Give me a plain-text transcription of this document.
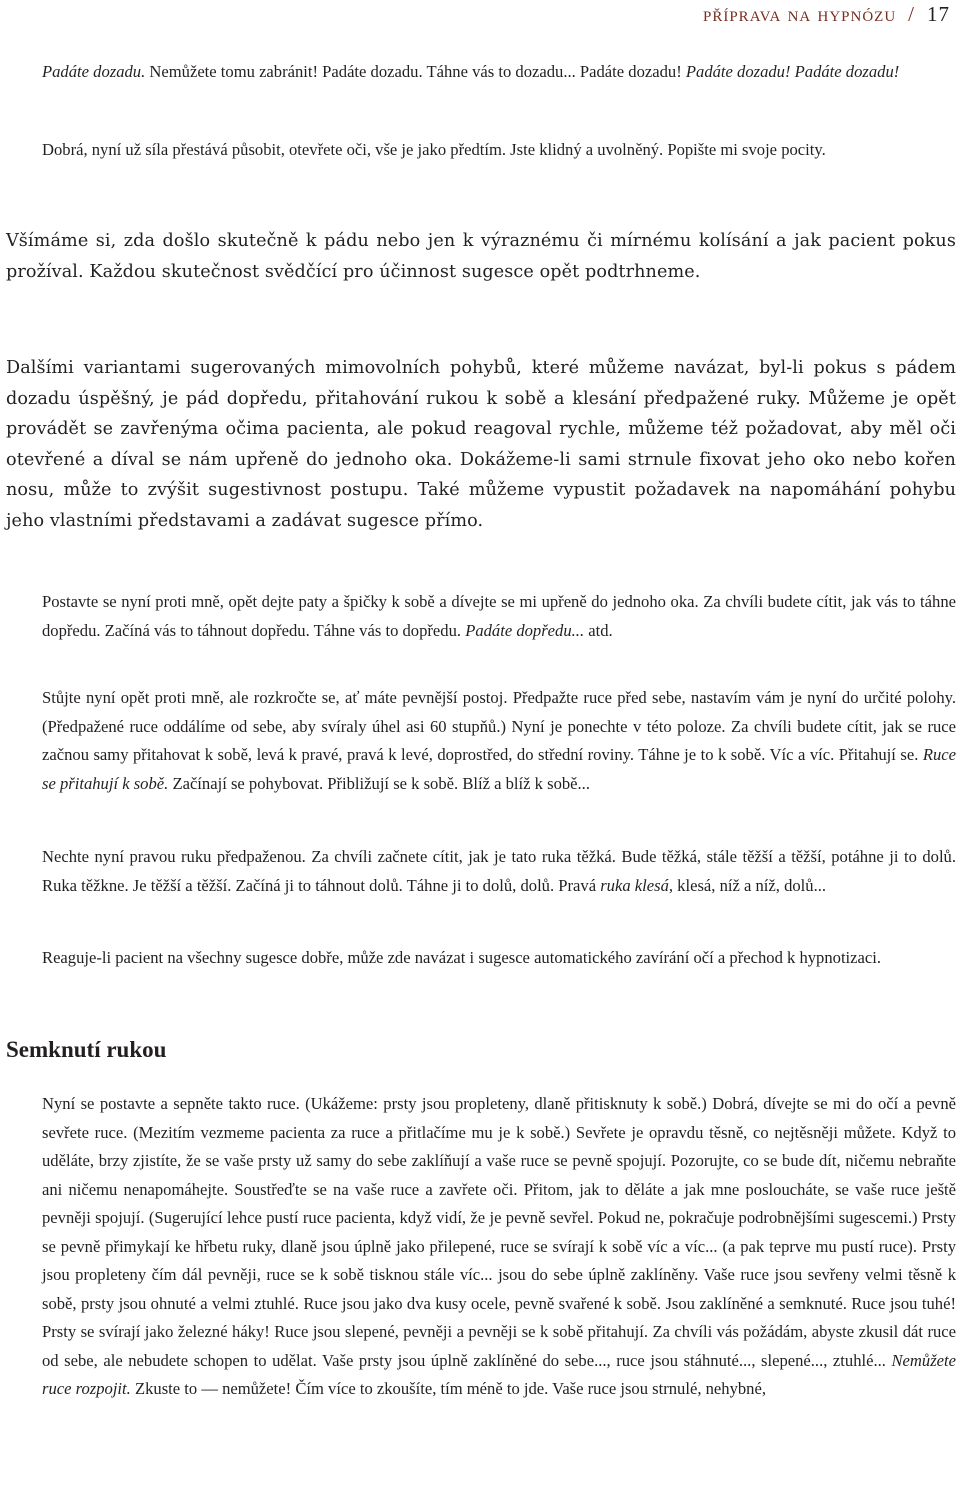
příprava na hypnózu / 17
Padáte dozadu. Nemůžete tomu zabránit! Padáte dozadu. Táhne vás to dozadu... Padáte dozadu! Padáte dozadu! Padáte dozadu!
Dobrá, nyní už síla přestává působit, otevřete oči, vše je jako předtím. Jste klidný a uvolněný. Popište mi svoje pocity.
Všímáme si, zda došlo skutečně k pádu nebo jen k výraznému či mírnému kolísání a jak pacient pokus prožíval. Každou skutečnost svědčící pro účinnost sugesce opět podtrhneme.
Dalšími variantami sugerovaných mimovolních pohybů, které můžeme navázat, byl-li pokus s pádem dozadu úspěšný, je pád dopředu, přitahování rukou k sobě a klesání předpažené ruky. Můžeme je opět provádět se zavřenýma očima pacienta, ale pokud reagoval rychle, můžeme též požadovat, aby měl oči otevřené a díval se nám upřeně do jednoho oka. Dokážeme-li sami strnule fixovat jeho oko nebo kořen nosu, může to zvýšit sugestivnost postupu. Také můžeme vypustit požadavek na napomáhání pohybu jeho vlastními představami a zadávat sugesce přímo.
Postavte se nyní proti mně, opět dejte paty a špičky k sobě a dívejte se mi upřeně do jednoho oka. Za chvíli budete cítit, jak vás to táhne dopředu. Začíná vás to táhnout dopředu. Táhne vás to dopředu. Padáte dopředu... atd.
Stůjte nyní opět proti mně, ale rozkročte se, ať máte pevnější postoj. Předpažte ruce před sebe, nastavím vám je nyní do určité polohy. (Předpažené ruce oddálíme od sebe, aby svíraly úhel asi 60 stupňů.) Nyní je ponechte v této poloze. Za chvíli budete cítit, jak se ruce začnou samy přitahovat k sobě, levá k pravé, pravá k levé, doprostřed, do střední roviny. Táhne je to k sobě. Víc a víc. Přitahují se. Ruce se přitahují k sobě. Začínají se pohybovat. Přibližují se k sobě. Blíž a blíž k sobě...
Nechte nyní pravou ruku předpaženou. Za chvíli začnete cítit, jak je tato ruka těžká. Bude těžká, stále těžší a těžší, potáhne ji to dolů. Ruka těžkne. Je těžší a těžší. Začíná ji to táhnout dolů. Táhne ji to dolů, dolů. Pravá ruka klesá, klesá, níž a níž, dolů...
Reaguje-li pacient na všechny sugesce dobře, může zde navázat i sugesce automatického zavírání očí a přechod k hypnotizaci.
Semknutí rukou
Nyní se postavte a sepněte takto ruce. (Ukážeme: prsty jsou propleteny, dlaně přitisknuty k sobě.) Dobrá, dívejte se mi do očí a pevně sevřete ruce. (Mezitím vezmeme pacienta za ruce a přitlačíme mu je k sobě.) Sevřete je opravdu těsně, co nejtěsněji můžete. Když to uděláte, brzy zjistíte, že se vaše prsty už samy do sebe zaklíňují a vaše ruce se pevně spojují. Pozorujte, co se bude dít, ničemu nebraňte ani ničemu nenapomáhejte. Soustřeďte se na vaše ruce a zavřete oči. Přitom, jak to děláte a jak mne posloucháte, se vaše ruce ještě pevněji spojují. (Sugerující lehce pustí ruce pacienta, když vidí, že je pevně sevřel. Pokud ne, pokračuje podrobnějšími sugescemi.) Prsty se pevně přimykají ke hřbetu ruky, dlaně jsou úplně jako přilepené, ruce se svírají k sobě víc a víc... (a pak teprve mu pustí ruce). Prsty jsou propleteny čím dál pevněji, ruce se k sobě tisknou stále víc... jsou do sebe úplně zaklíněny. Vaše ruce jsou sevřeny velmi těsně k sobě, prsty jsou ohnuté a velmi ztuhlé. Ruce jsou jako dva kusy ocele, pevně svařené k sobě. Jsou zaklíněné a semknuté. Ruce jsou tuhé! Prsty se svírají jako železné háky! Ruce jsou slepené, pevněji a pevněji se k sobě přitahují. Za chvíli vás požádám, abyste zkusil dát ruce od sebe, ale nebudete schopen to udělat. Vaše prsty jsou úplně zaklíněné do sebe..., ruce jsou stáhnuté..., slepené..., ztuhlé... Nemůžete ruce rozpojit. Zkuste to — nemůžete! Čím více to zkoušíte, tím méně to jde. Vaše ruce jsou strnulé, nehybné,
